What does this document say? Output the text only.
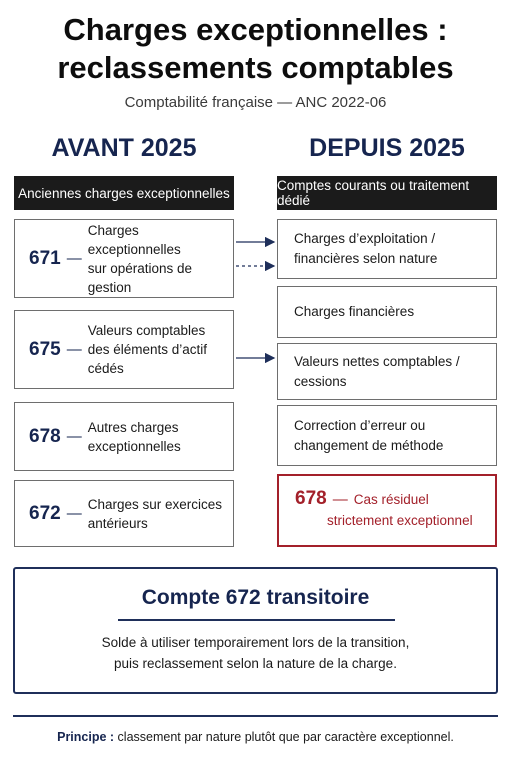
Charges exceptionnelles :
reclassements comptables
Comptabilité française — ANC 2022-06
AVANT 2025	DEPUIS 2025
Anciennes charges exceptionnelles	Comptes courants ou traitement dédié
671 —
Charges exceptionnelles
sur opérations de gestion
675 —
Valeurs comptables
des éléments d’actif cédés
678 —
Autres charges
exceptionnelles
672 —
Charges sur exercices
antérieurs
Charges d’exploitation /
financières selon nature
Charges financières
Valeurs nettes comptables /
cessions
Correction d’erreur ou
changement de méthode
678 — Cas résiduel
strictement exceptionnel
Compte 672 transitoire
Solde à utiliser temporairement lors de la transition,
puis reclassement selon la nature de la charge.
Principe : classement par nature plutôt que par caractère exceptionnel.
